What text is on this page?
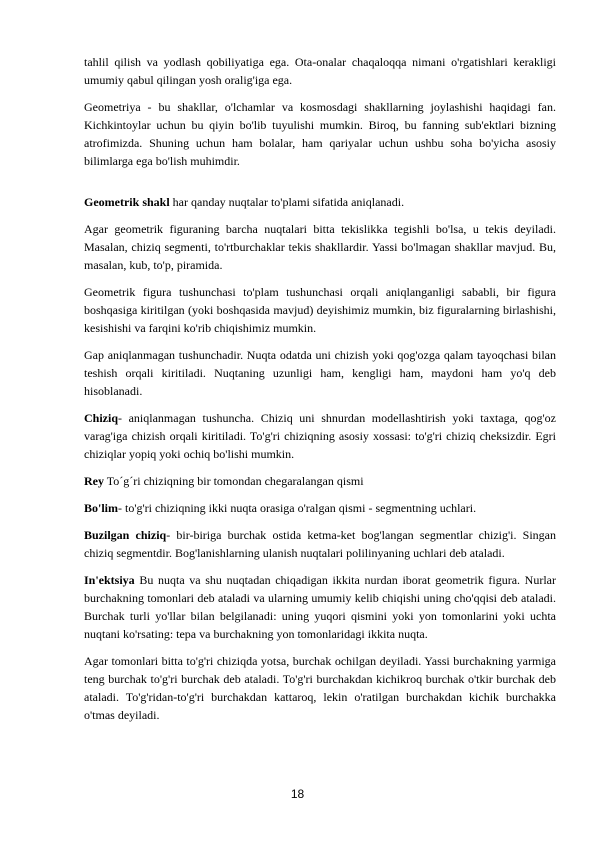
tahlil qilish va yodlash qobiliyatiga ega. Ota-onalar chaqaloqqa nimani o'rgatishlari kerakligi umumiy qabul qilingan yosh oralig'iga ega.

Geometriya - bu shakllar, o'lchamlar va kosmosdagi shakllarning joylashishi haqidagi fan. Kichkintoylar uchun bu qiyin bo'lib tuyulishi mumkin. Biroq, bu fanning sub'ektlari bizning atrofimizda. Shuning uchun ham bolalar, ham qariyalar uchun ushbu soha bo'yicha asosiy bilimlarga ega bo'lish muhimdir.

Geometrik shakl har qanday nuqtalar to'plami sifatida aniqlanadi.

Agar geometrik figuraning barcha nuqtalari bitta tekislikka tegishli bo'lsa, u tekis deyiladi. Masalan, chiziq segmenti, to'rtburchaklar tekis shakllardir. Yassi bo'lmagan shakllar mavjud. Bu, masalan, kub, to'p, piramida.

Geometrik figura tushunchasi to'plam tushunchasi orqali aniqlanganligi sababli, bir figura boshqasiga kiritilgan (yoki boshqasida mavjud) deyishimiz mumkin, biz figuralarning birlashishi, kesishishi va farqini ko'rib chiqishimiz mumkin.

Gap aniqlanmagan tushunchadir. Nuqta odatda uni chizish yoki qog'ozga qalam tayoqchasi bilan teshish orqali kiritiladi. Nuqtaning uzunligi ham, kengligi ham, maydoni ham yo'q deb hisoblanadi.

Chiziq- aniqlanmagan tushuncha. Chiziq uni shnurdan modellashtirish yoki taxtaga, qog'oz varag'iga chizish orqali kiritiladi. To'g'ri chiziqning asosiy xossasi: to'g'ri chiziq cheksizdir. Egri chiziqlar yopiq yoki ochiq bo'lishi mumkin.

Rey To´g´ri chiziqning bir tomondan chegaralangan qismi

Bo'lim- to'g'ri chiziqning ikki nuqta orasiga o'ralgan qismi - segmentning uchlari.

Buzilgan chiziq- bir-biriga burchak ostida ketma-ket bog'langan segmentlar chizig'i. Singan chiziq segmentdir. Bog'lanishlarning ulanish nuqtalari polilinyaning uchlari deb ataladi.

In'ektsiya Bu nuqta va shu nuqtadan chiqadigan ikkita nurdan iborat geometrik figura. Nurlar burchakning tomonlari deb ataladi va ularning umumiy kelib chiqishi uning cho'qqisi deb ataladi. Burchak turli yo'llar bilan belgilanadi: uning yuqori qismini yoki yon tomonlarini yoki uchta nuqtani ko'rsating: tepa va burchakning yon tomonlaridagi ikkita nuqta.

Agar tomonlari bitta to'g'ri chiziqda yotsa, burchak ochilgan deyiladi. Yassi burchakning yarmiga teng burchak to'g'ri burchak deb ataladi. To'g'ri burchakdan kichikroq burchak o'tkir burchak deb ataladi. To'g'ridan-to'g'ri burchakdan kattaroq, lekin o'ratilgan burchakdan kichik burchakka o'tmas deyiladi.

18
